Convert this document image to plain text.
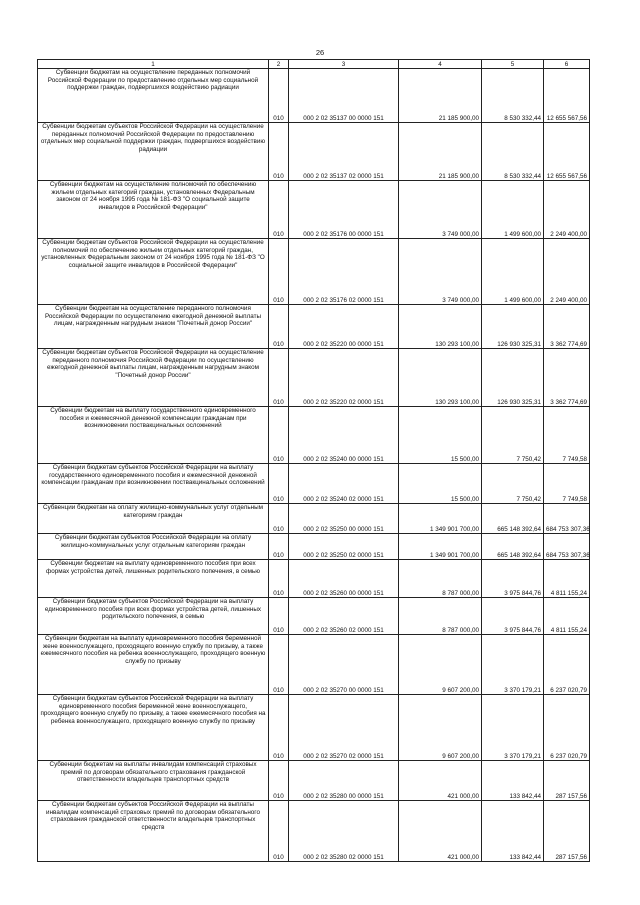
26
1	2	3	4	5	6
Субвенции бюджетам на осуществление переданных полномочий Российской Федерации по предоставлению отдельных мер социальной поддержки граждан, подвергшихся воздействию радиации	010	000 2 02 35137 00 0000 151	21 185 900,00	8 530 332,44	12 655 567,56
Субвенции бюджетам субъектов Российской Федерации на осуществление переданных полномочий Российской Федерации по предоставлению отдельных мер социальной поддержки граждан, подвергшихся воздействию радиации	010	000 2 02 35137 02 0000 151	21 185 900,00	8 530 332,44	12 655 567,56
Субвенции бюджетам на осуществление полномочий по обеспечению жильем отдельных категорий граждан, установленных Федеральным законом от 24 ноября 1995 года № 181-ФЗ "О социальной защите инвалидов в Российской Федерации"	010	000 2 02 35176 00 0000 151	3 749 000,00	1 499 600,00	2 249 400,00
Субвенции бюджетам субъектов Российской Федерации на осуществление полномочий по обеспечению жильем отдельных категорий граждан, установленных Федеральным законом от 24 ноября 1995 года № 181-ФЗ "О социальной защите инвалидов в Российской Федерации"	010	000 2 02 35176 02 0000 151	3 749 000,00	1 499 600,00	2 249 400,00
Субвенции бюджетам на осуществление переданного полномочия Российской Федерации по осуществлению ежегодной денежной выплаты лицам, награжденным нагрудным знаком "Почетный донор России"	010	000 2 02 35220 00 0000 151	130 293 100,00	126 930 325,31	3 362 774,69
Субвенции бюджетам субъектов Российской Федерации на осуществление переданного полномочия Российской Федерации по осуществлению ежегодной денежной выплаты лицам, награжденным нагрудным знаком "Почетный донор России"	010	000 2 02 35220 02 0000 151	130 293 100,00	126 930 325,31	3 362 774,69
Субвенции бюджетам на выплату государственного единовременного пособия и ежемесячной денежной компенсации гражданам при возникновении поствакцинальных осложнений	010	000 2 02 35240 00 0000 151	15 500,00	7 750,42	7 749,58
Субвенции бюджетам субъектов Российской Федерации на выплату государственного единовременного пособия и ежемесячной денежной компенсации гражданам при возникновении поствакцинальных осложнений	010	000 2 02 35240 02 0000 151	15 500,00	7 750,42	7 749,58
Субвенции бюджетам на оплату жилищно-коммунальных услуг отдельным категориям граждан	010	000 2 02 35250 00 0000 151	1 349 901 700,00	665 148 392,64	684 753 307,36
Субвенции бюджетам субъектов Российской Федерации на оплату жилищно-коммунальных услуг отдельным категориям граждан	010	000 2 02 35250 02 0000 151	1 349 901 700,00	665 148 392,64	684 753 307,36
Субвенции бюджетам на выплату единовременного пособия при всех формах устройства детей, лишенных родительского попечения, в семью	010	000 2 02 35260 00 0000 151	8 787 000,00	3 975 844,76	4 811 155,24
Субвенции бюджетам субъектов Российской Федерации на выплату единовременного пособия при всех формах устройства детей, лишенных родительского попечения, в семью	010	000 2 02 35260 02 0000 151	8 787 000,00	3 975 844,76	4 811 155,24
Субвенции бюджетам на выплату единовременного пособия беременной жене военнослужащего, проходящего военную службу по призыву, а также ежемесячного пособия на ребенка военнослужащего, проходящего военную службу по призыву	010	000 2 02 35270 00 0000 151	9 607 200,00	3 370 179,21	6 237 020,79
Субвенции бюджетам субъектов Российской Федерации на выплату единовременного пособия беременной жене военнослужащего, проходящего военную службу по призыву, а также ежемесячного пособия на ребенка военнослужащего, проходящего военную службу по призыву	010	000 2 02 35270 02 0000 151	9 607 200,00	3 370 179,21	6 237 020,79
Субвенции бюджетам на выплаты инвалидам компенсаций страховых премий по договорам обязательного страхования гражданской ответственности владельцев транспортных средств	010	000 2 02 35280 00 0000 151	421 000,00	133 842,44	287 157,56
Субвенции бюджетам субъектов Российской Федерации на выплаты инвалидам компенсаций страховых премий по договорам обязательного страхования гражданской ответственности владельцев транспортных средств	010	000 2 02 35280 02 0000 151	421 000,00	133 842,44	287 157,56
